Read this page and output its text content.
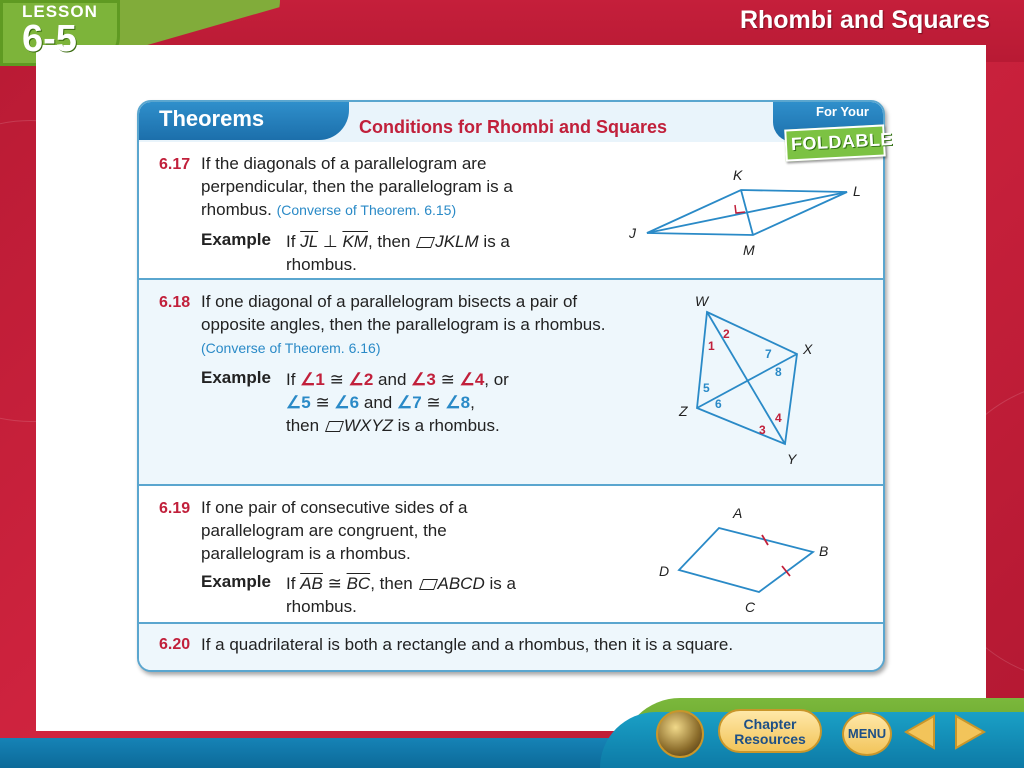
LESSON
6-5	Rhombi and Squares
Theorems	Conditions for Rhombi and Squares
For Your
6.17 If the diagonals of a parallelogram are perpendicular, then the parallelogram is a rhombus. (Converse of Theorem. 6.15)
Example If $\overline{JL}$ ⊥ $\overline{KM}$, then JKLM is a rhombus.
J
K
L
M
6.18 If one diagonal of a parallelogram bisects a pair of opposite angles, then the parallelogram is a rhombus. (Converse of Theorem. 6.16)
Example If ∠1 ≅ ∠2 and ∠3 ≅ ∠4, or
∠5 ≅ ∠6 and ∠7 ≅ ∠8,
then WXYZ is a rhombus.
W
X
Y
Z
1
2
3
4
5
6
7
8
6.19 If one pair of consecutive sides of a parallelogram are congruent, the parallelogram is a rhombus.
Example If $\overline{AB}$ ≅ $\overline{BC}$, then ABCD is a rhombus.
A
B
C
D
6.20 If a quadrilateral is both a rectangle and a rhombus, then it is a square.
FOLDABLE
Chapter
Resources	MENU
